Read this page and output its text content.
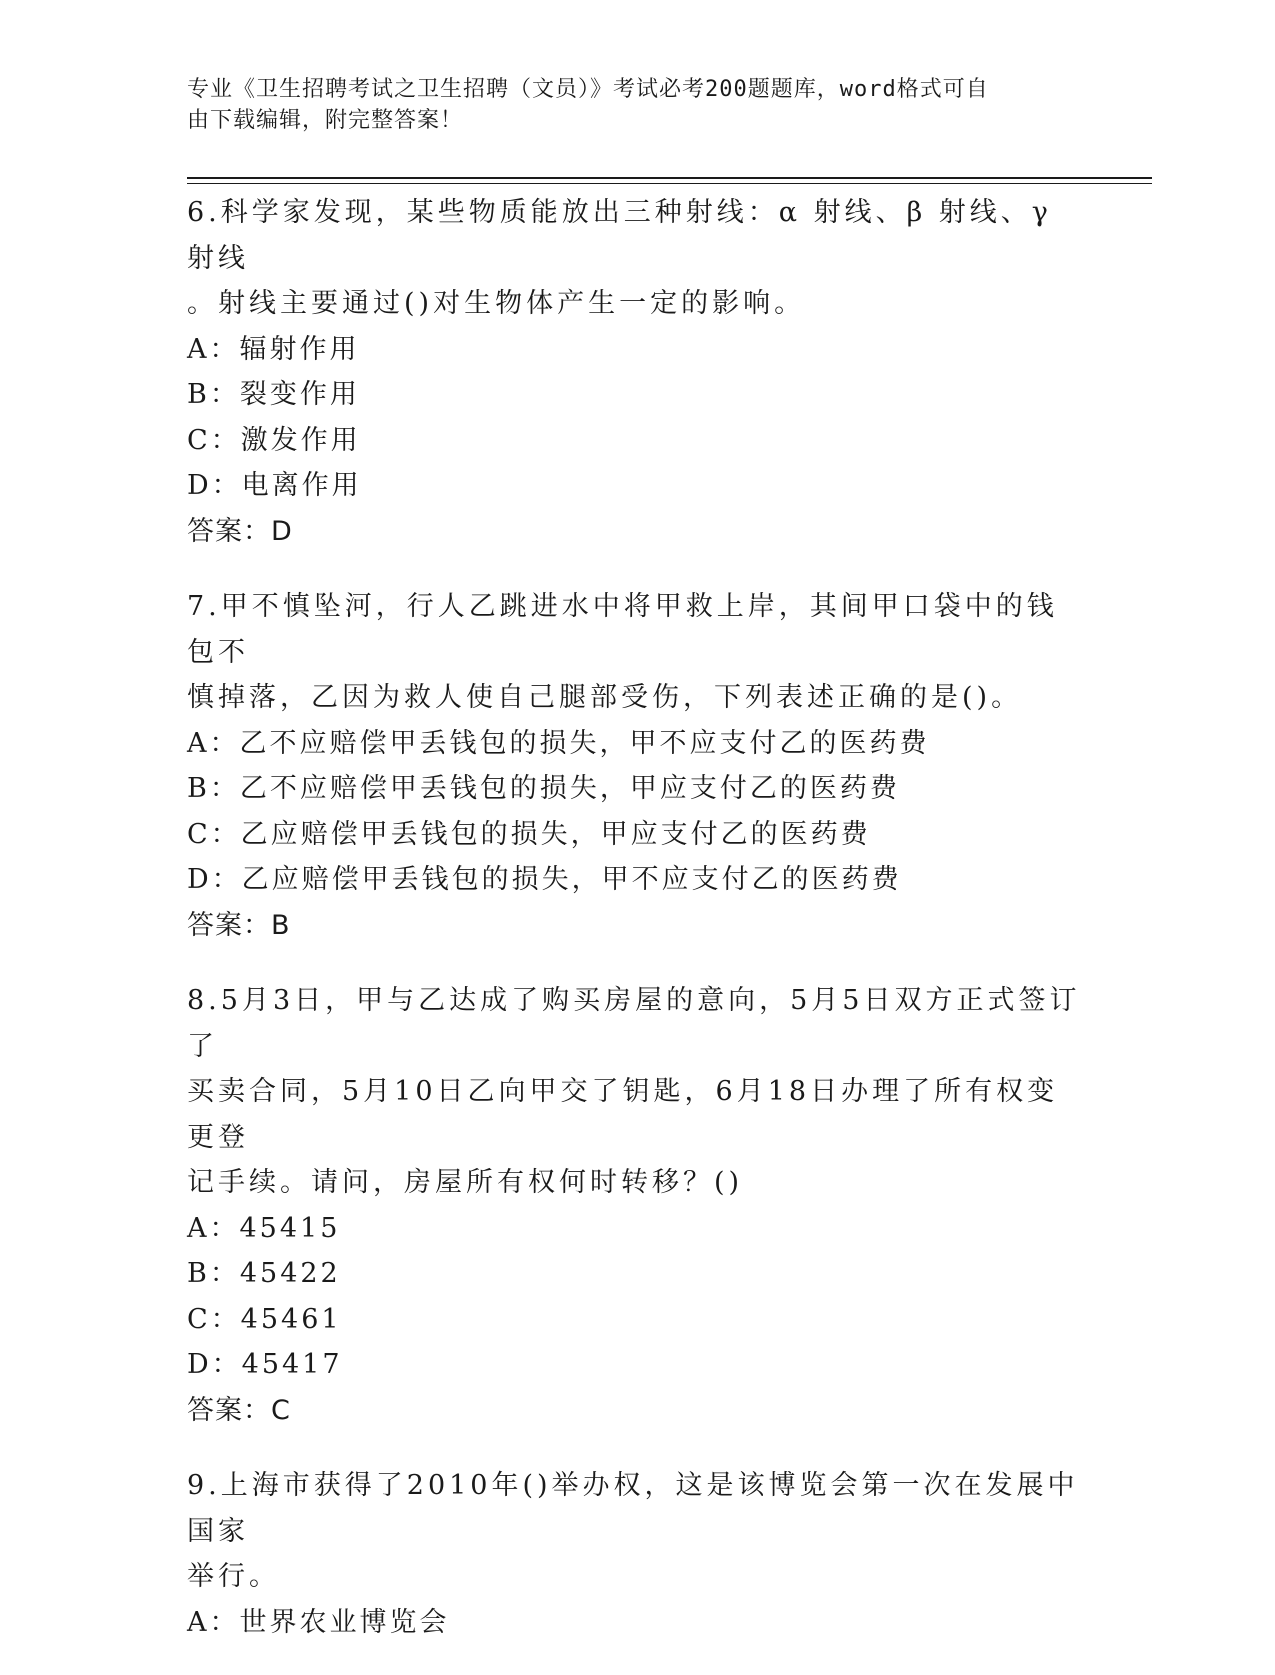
专业《卫生招聘考试之卫生招聘（文员）》考试必考200题题库，word格式可自
由下载编辑，附完整答案！

6.科学家发现，某些物质能放出三种射线：α 射线、β 射线、γ 射线

。射线主要通过()对生物体产生一定的影响。

A：辐射作用

B：裂变作用

C：激发作用

D：电离作用

答案：D

7.甲不慎坠河，行人乙跳进水中将甲救上岸，其间甲口袋中的钱包不

慎掉落，乙因为救人使自己腿部受伤，下列表述正确的是()。

A：乙不应赔偿甲丢钱包的损失，甲不应支付乙的医药费

B：乙不应赔偿甲丢钱包的损失，甲应支付乙的医药费

C：乙应赔偿甲丢钱包的损失，甲应支付乙的医药费

D：乙应赔偿甲丢钱包的损失，甲不应支付乙的医药费

答案：B

8.5月3日，甲与乙达成了购买房屋的意向，5月5日双方正式签订了

买卖合同，5月10日乙向甲交了钥匙，6月18日办理了所有权变更登

记手续。请问，房屋所有权何时转移？()

A：45415

B：45422

C：45461

D：45417

答案：C

9.上海市获得了2010年()举办权，这是该博览会第一次在发展中国家

举行。

A：世界农业博览会
